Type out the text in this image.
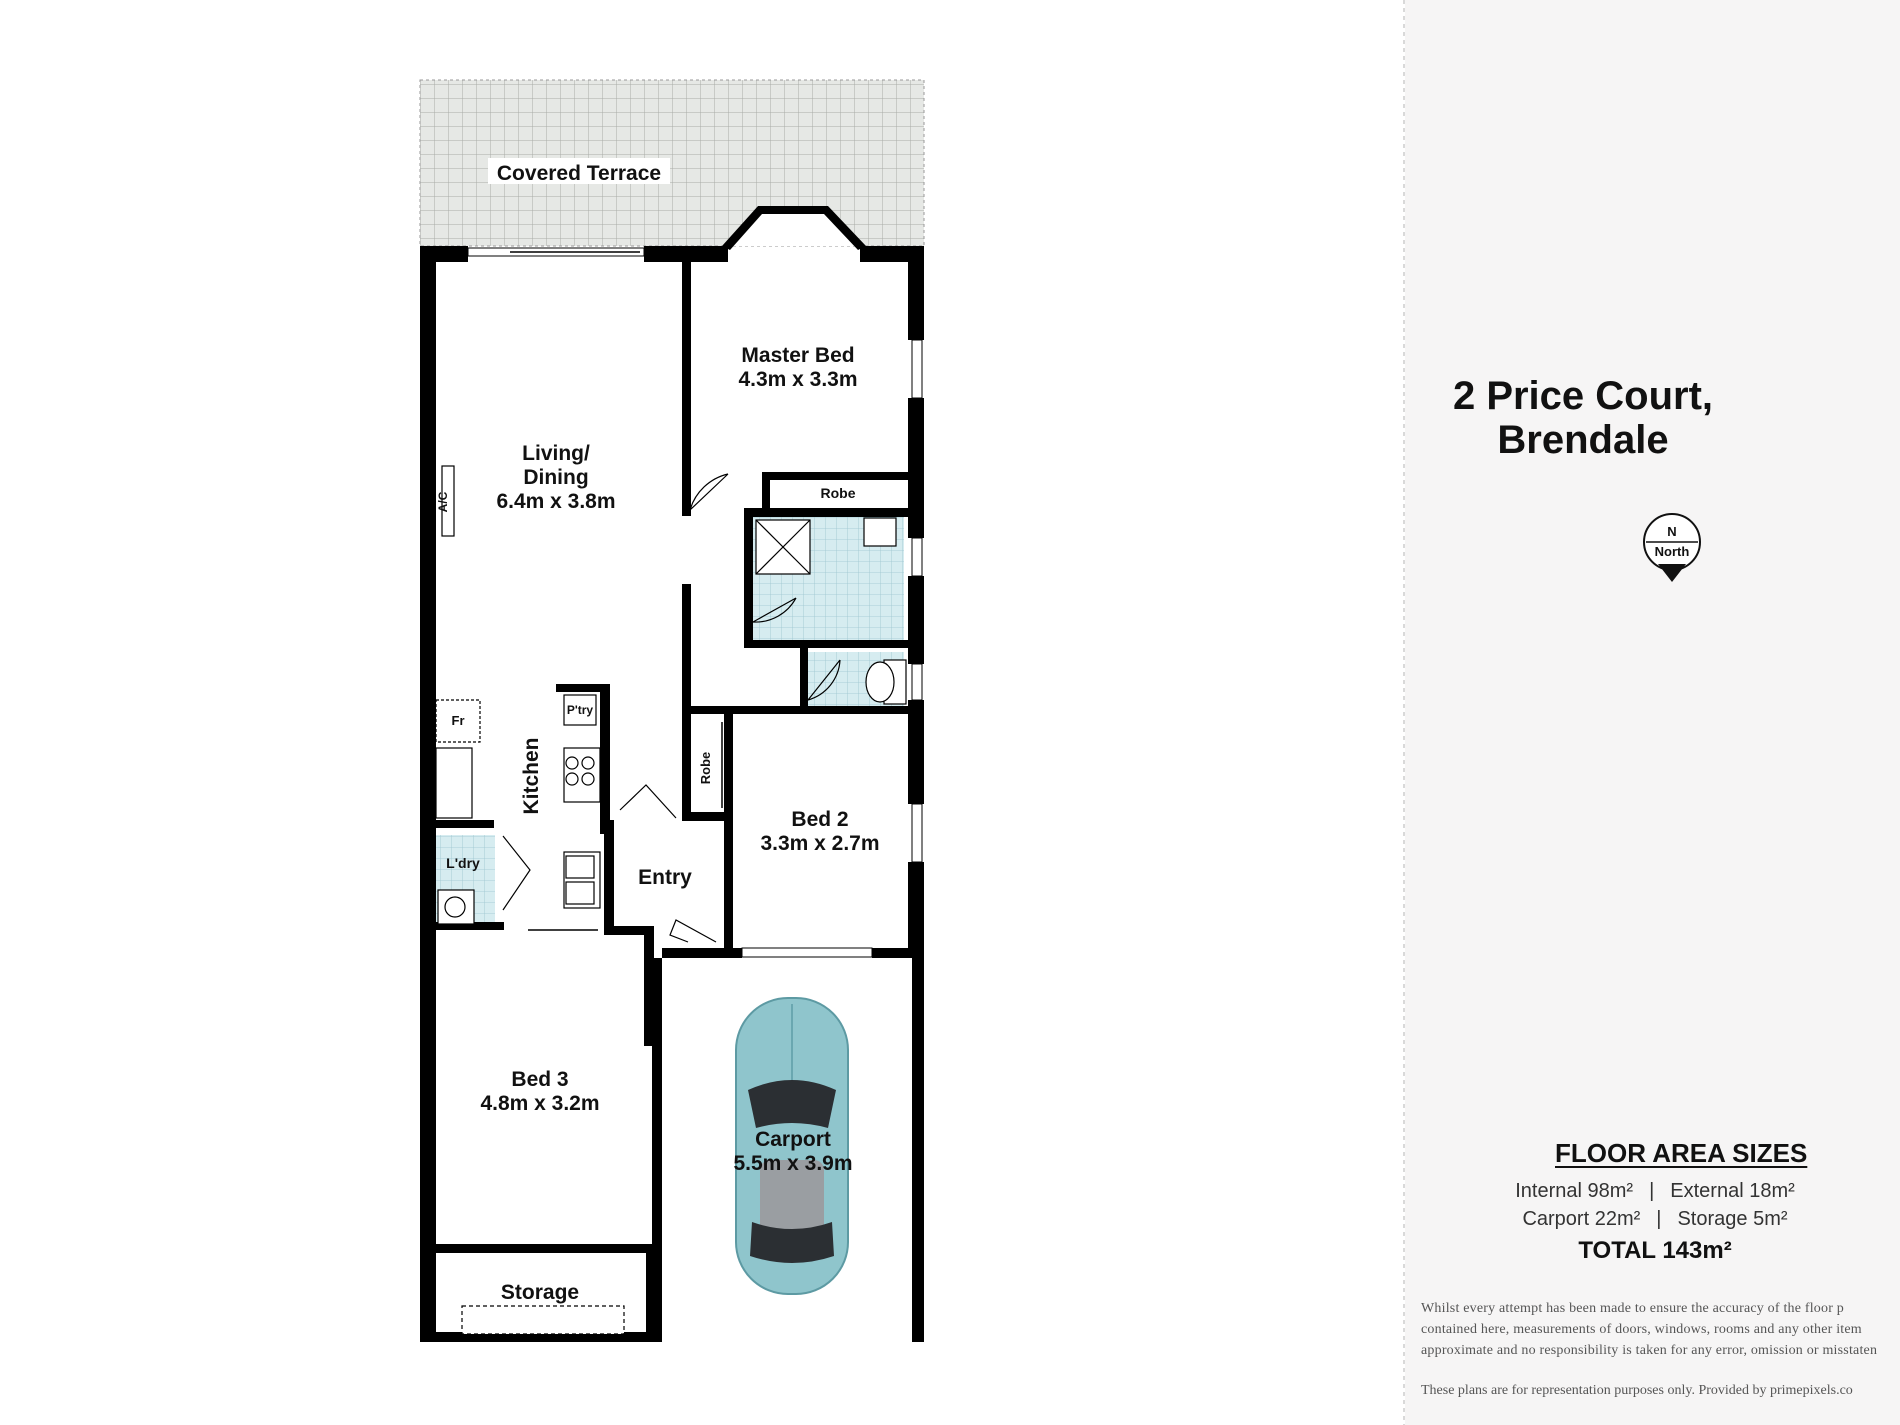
Covered Terrace
Master Bed
4.3m x 3.3m
Living/
Dining
6.4m x 3.8m	Robe
A/C
Fr
P'try
Kitchen	Robe
Bed 2
3.3m x 2.7m
L'dry
Entry
Bed 3
4.8m x 3.2m
Carport
5.5m x 3.9m
Storage
2 Price Court,
Brendale
FLOOR AREA SIZES
Internal 98m² | External 18m²
Carport 22m² | Storage 5m²
TOTAL 143m²
Whilst every attempt has been made to ensure the accuracy of the floor p
contained here, measurements of doors, windows, rooms and any other item
approximate and no responsibility is taken for any error, omission or misstaten
These plans are for representation purposes only. Provided by primepixels.co
N
North
